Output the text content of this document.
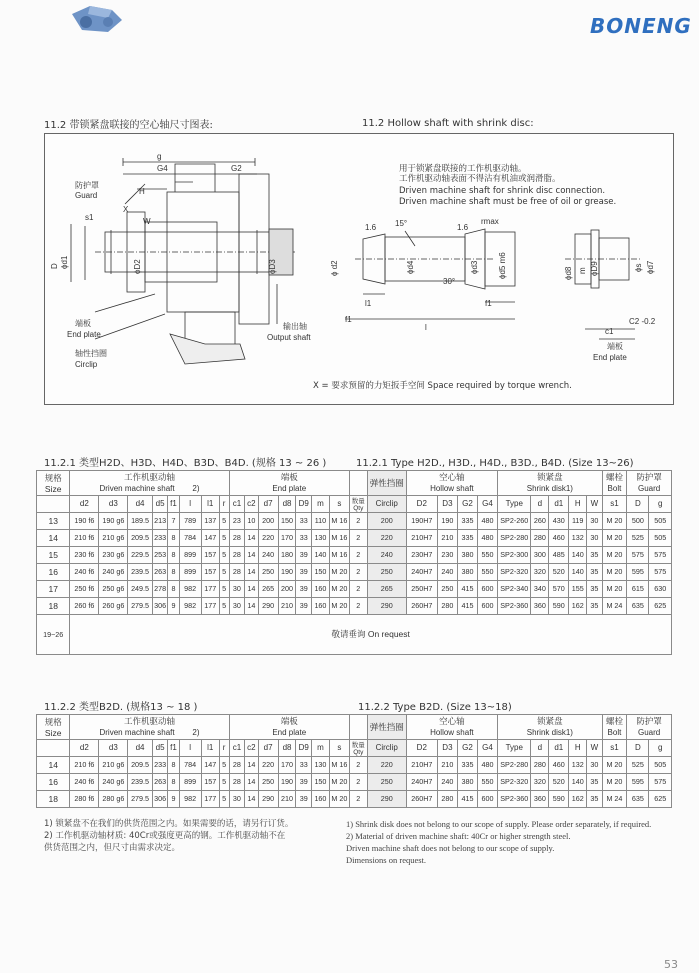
BONENG
11.2 带锁紧盘联接的空心轴尺寸图表:	11.2 Hollow shaft with shrink disc:
g
G4	G2
H
X
s1	W
防护罩
Guard
D ϕd1	ϕD2	ϕD3
端板
End plate
轴性挡圈
Circlip
输出轴
Output shaft
ϕ d2	ϕd4	ϕd3 ϕd5 m6
1.6 15°	1.6
rmax
30°
l1
f1
l
f1
ϕd8 m ϕD9	ϕs ϕd7
c1
C2 -0.2
端板
End plate
用于锁紧盘联接的工作机驱动轴。
工作机驱动轴表面不得沾有机油或润滑脂。
Driven machine shaft for shrink disc connection.
Driven machine shaft must be free of oil or grease.
X = 要求预留的力矩扳手空间 Space required by torque wrench.
11.2.1 类型H2D、H3D、H4D、B3D、B4D. (规格 13 ~ 26 )	11.2.1 Type H2D., H3D., H4D., B3D., B4D. (Size 13~26)
规格
Size	工作机驱动轴								端板								弹性挡圈	空心轴				锁紧盘					螺栓	防护罩	
	Driven machine shaft 2)								End plate									Hollow shaft				Shrink disk1)					Bolt	Guard	
	d2	d3	d4	d5	f1	l	l1	r	c1	c2	d7	d8	D9	m	s	数量
Qty	Circlip	D2	D3	G2	G4	Type	d	d1	H	W	s1	D	g
13	190 f6	190 g6	189.5	213	7	789	137	5	23	10	200	150	33	110	M 16	2	200	190H7	190	335	480	SP2-260	260	430	119	30	M 20	500	505
14	210 f6	210 g6	209.5	233	8	784	147	5	28	14	220	170	33	130	M 16	2	220	210H7	210	335	480	SP2-280	280	460	132	30	M 20	525	505
15	230 f6	230 g6	229.5	253	8	899	157	5	28	14	240	180	39	140	M 16	2	240	230H7	230	380	550	SP2-300	300	485	140	35	M 20	575	575
16	240 f6	240 g6	239.5	263	8	899	157	5	28	14	250	190	39	150	M 20	2	250	240H7	240	380	550	SP2-320	320	520	140	35	M 20	595	575
17	250 f6	250 g6	249.5	278	8	982	177	5	30	14	265	200	39	160	M 20	2	265	250H7	250	415	600	SP2-340	340	570	155	35	M 20	615	630
18	260 f6	260 g6	279.5	306	9	982	177	5	30	14	290	210	39	160	M 20	2	290	260H7	280	415	600	SP2-360	360	590	162	35	M 24	635	625
19~26	敬请垂询 On request																												
11.2.2 类型B2D. (规格13 ~ 18 )	11.2.2 Type B2D. (Size 13~18)
规格
Size	工作机驱动轴								端板								弹性挡圈	空心轴				锁紧盘					螺栓	防护罩	
	Driven machine shaft 2)								End plate									Hollow shaft				Shrink disk1)					Bolt	Guard	
	d2	d3	d4	d5	f1	l	l1	r	c1	c2	d7	d8	D9	m	s	数量
Qty	Circlip	D2	D3	G2	G4	Type	d	d1	H	W	s1	D	g
14	210 f6	210 g6	209.5	233	8	784	147	5	28	14	220	170	33	130	M 16	2	220	210H7	210	335	480	SP2-280	280	460	132	30	M 20	525	505
16	240 f6	240 g6	239.5	263	8	899	157	5	28	14	250	190	39	150	M 20	2	250	240H7	240	380	550	SP2-320	320	520	140	35	M 20	595	575
18	280 f6	280 g6	279.5	306	9	982	177	5	30	14	290	210	39	160	M 20	2	290	260H7	280	415	600	SP2-360	360	590	162	35	M 24	635	625
1) 锁紧盘不在我们的供货范围之内。如果需要的话，请另行订货。
2) 工作机驱动轴材质: 40Cr或强度更高的钢。工作机驱动轴不在
供货范围之内，但尺寸由需求决定。
1) Shrink disk does not belong to our scope of supply. Please order separately, if required.
2) Material of driven machine shaft: 40Cr or higher strength steel.
Driven machine shaft does not belong to our scope of supply.
Dimensions on request.
53
